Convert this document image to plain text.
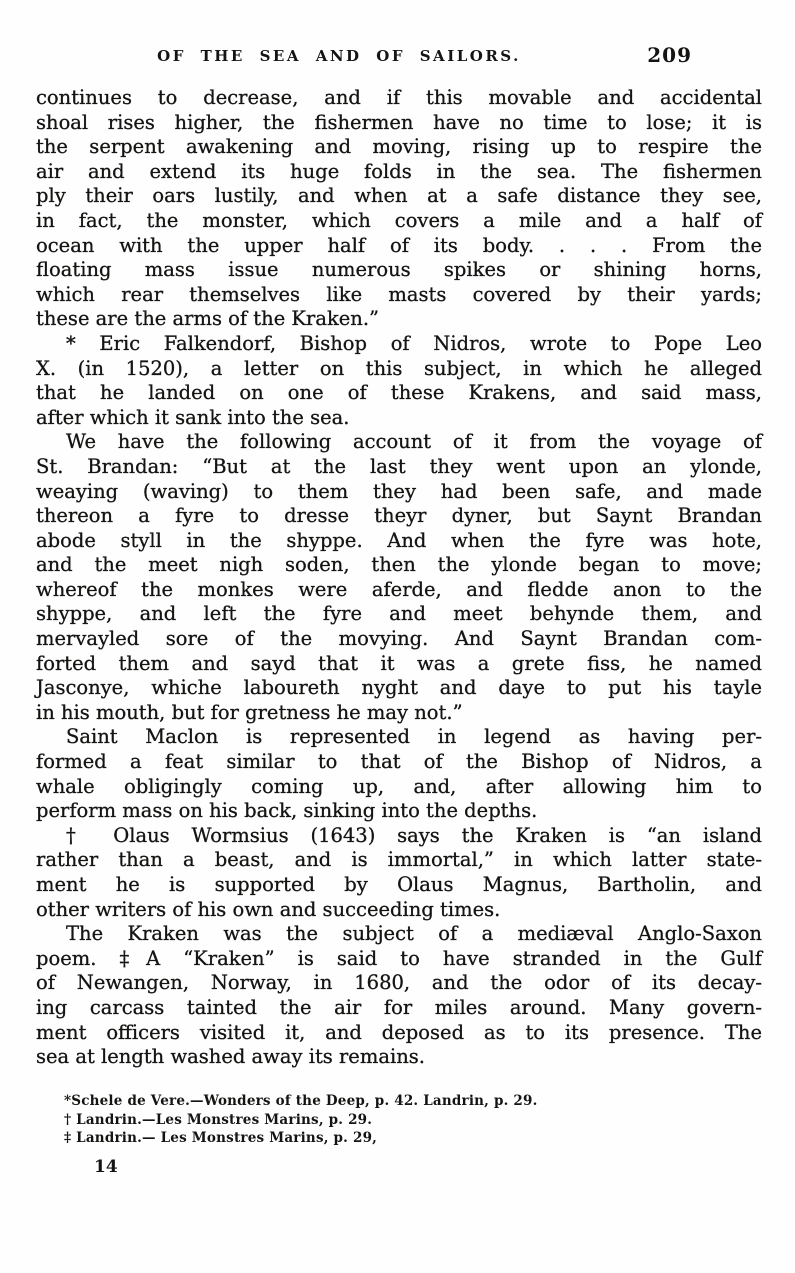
OF THE SEA AND OF SAILORS.	209
continues to decrease, and if this movable and accidental
shoal rises higher, the fishermen have no time to lose; it is
the serpent awakening and moving, rising up to respire the
air and extend its huge folds in the sea. The fishermen
ply their oars lustily, and when at a safe distance they see,
in fact, the monster, which covers a mile and a half of
ocean with the upper half of its body. . . . From the
floating mass issue numerous spikes or shining horns,
which rear themselves like masts covered by their yards;
these are the arms of the Kraken.”
* Eric Falkendorf, Bishop of Nidros, wrote to Pope Leo
X. (in 1520), a letter on this subject, in which he alleged
that he landed on one of these Krakens, and said mass,
after which it sank into the sea.
We have the following account of it from the voyage of
St. Brandan: “But at the last they went upon an ylonde,
weaying (waving) to them they had been safe, and made
thereon a fyre to dresse theyr dyner, but Saynt Brandan
abode styll in the shyppe. And when the fyre was hote,
and the meet nigh soden, then the ylonde began to move;
whereof the monkes were aferde, and fledde anon to the
shyppe, and left the fyre and meet behynde them, and
mervayled sore of the movying. And Saynt Brandan com-
forted them and sayd that it was a grete fiss, he named
Jasconye, whiche laboureth nyght and daye to put his tayle
in his mouth, but for gretness he may not.”
Saint Maclon is represented in legend as having per-
formed a feat similar to that of the Bishop of Nidros, a
whale obligingly coming up, and, after allowing him to
perform mass on his back, sinking into the depths.
† Olaus Wormsius (1643) says the Kraken is “an island
rather than a beast, and is immortal,” in which latter state-
ment he is supported by Olaus Magnus, Bartholin, and
other writers of his own and succeeding times.
The Kraken was the subject of a mediæval Anglo-Saxon
poem. ‡A “Kraken” is said to have stranded in the Gulf
of Newangen, Norway, in 1680, and the odor of its decay-
ing carcass tainted the air for miles around. Many govern-
ment officers visited it, and deposed as to its presence. The
sea at length washed away its remains.
*Schele de Vere.—Wonders of the Deep, p. 42. Landrin, p. 29.
† Landrin.—Les Monstres Marins, p. 29.
‡ Landrin.— Les Monstres Marins, p. 29,
14
